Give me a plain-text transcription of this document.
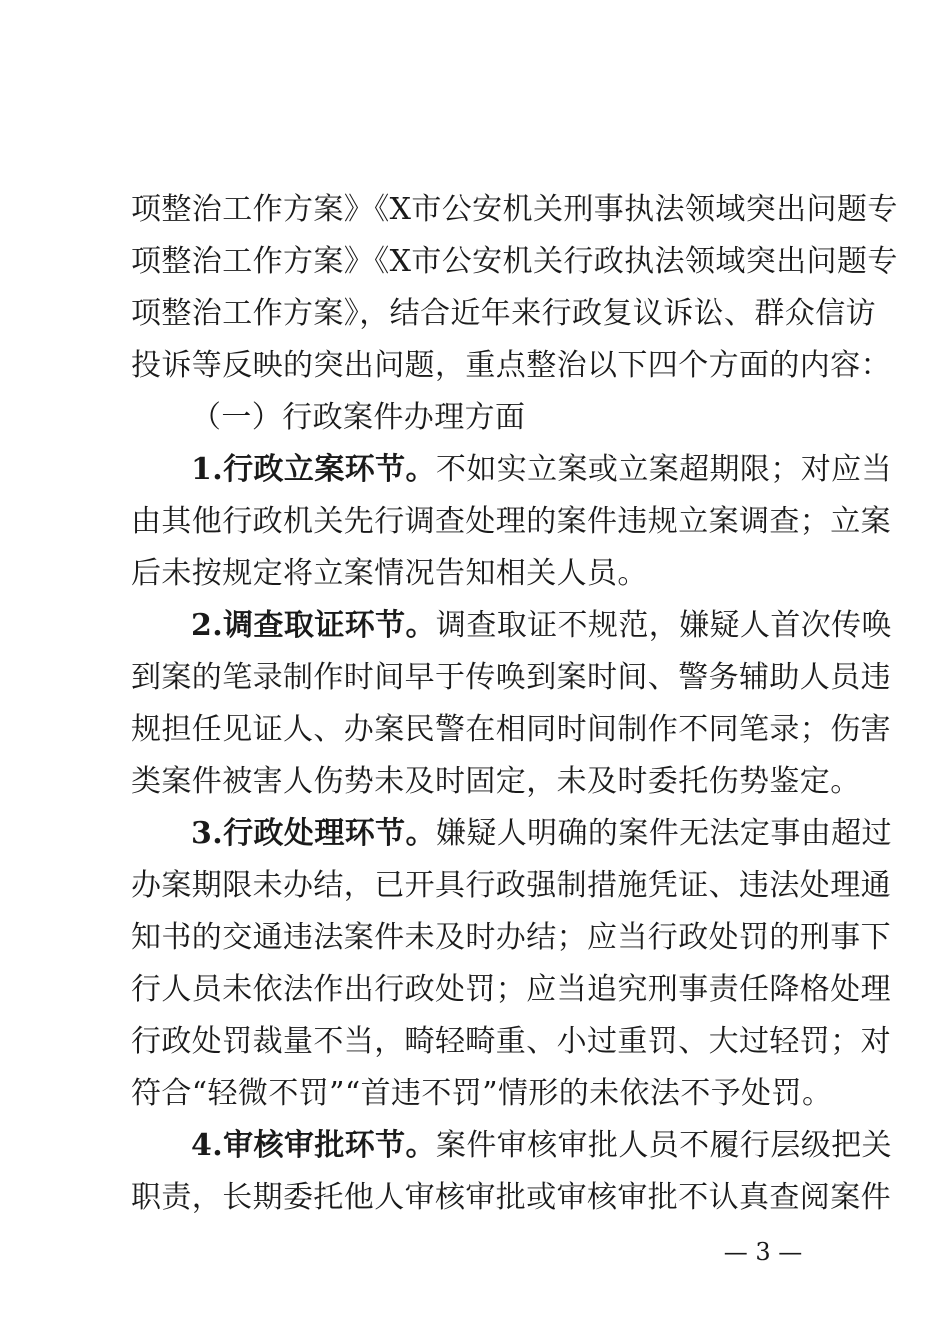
项整治工作方案》《X市公安机关刑事执法领域突出问题专
项整治工作方案》《X市公安机关行政执法领域突出问题专
项整治工作方案》，结合近年来行政复议诉讼、群众信访
投诉等反映的突出问题，重点整治以下四个方面的内容：
（一）行政案件办理方面
1.行政立案环节。不如实立案或立案超期限；对应当
由其他行政机关先行调查处理的案件违规立案调查；立案
后未按规定将立案情况告知相关人员。
2.调查取证环节。调查取证不规范，嫌疑人首次传唤
到案的笔录制作时间早于传唤到案时间、警务辅助人员违
规担任见证人、办案民警在相同时间制作不同笔录；伤害
类案件被害人伤势未及时固定，未及时委托伤势鉴定。
3.行政处理环节。嫌疑人明确的案件无法定事由超过
办案期限未办结，已开具行政强制措施凭证、违法处理通
知书的交通违法案件未及时办结；应当行政处罚的刑事下
行人员未依法作出行政处罚；应当追究刑事责任降格处理
行政处罚裁量不当，畸轻畸重、小过重罚、大过轻罚；对
符合“轻微不罚”“首违不罚”情形的未依法不予处罚。
4.审核审批环节。案件审核审批人员不履行层级把关
职责，长期委托他人审核审批或审核审批不认真查阅案件
— 3 —
